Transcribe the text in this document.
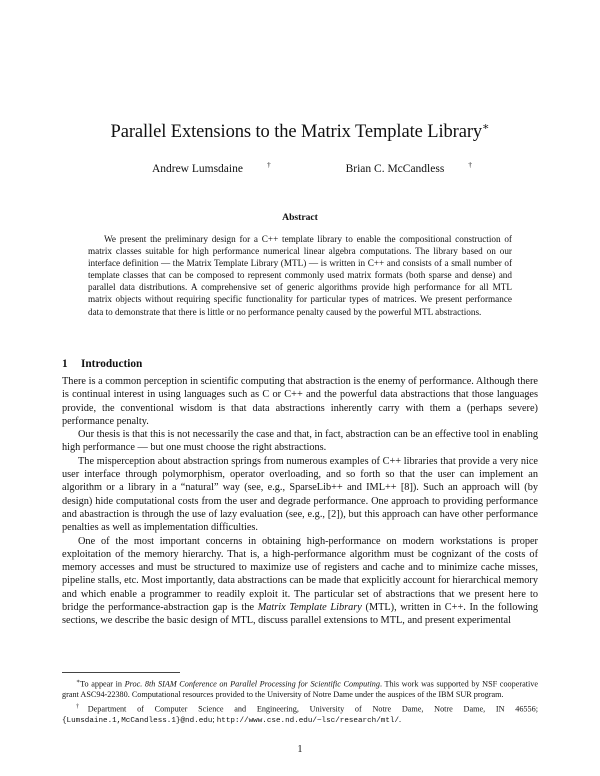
Parallel Extensions to the Matrix Template Library∗
Andrew Lumsdaine	†	Brian C. McCandless	†
Abstract

We present the preliminary design for a C++ template library to enable the compositional construction of matrix classes suitable for high performance numerical linear algebra computations. The library based on our interface definition — the Matrix Template Library (MTL) — is written in C++ and consists of a small number of template classes that can be composed to represent commonly used matrix formats (both sparse and dense) and parallel data distributions. A comprehensive set of generic algorithms provide high performance for all MTL matrix objects without requiring specific functionality for particular types of matrices. We present performance data to demonstrate that there is little or no performance penalty caused by the powerful MTL abstractions.

1 Introduction

There is a common perception in scientific computing that abstraction is the enemy of performance. Although there is continual interest in using languages such as C or C++ and the powerful data abstractions that those languages provide, the conventional wisdom is that data abstractions inherently carry with them a (perhaps severe) performance penalty.

Our thesis is that this is not necessarily the case and that, in fact, abstraction can be an effective tool in enabling high performance — but one must choose the right abstractions.

The misperception about abstraction springs from numerous examples of C++ libraries that provide a very nice user interface through polymorphism, operator overloading, and so forth so that the user can implement an algorithm or a library in a “natural” way (see, e.g., SparseLib++ and IML++ [8]). Such an approach will (by design) hide computational costs from the user and degrade performance. One approach to providing performance and abastraction is through the use of lazy evaluation (see, e.g., [2]), but this approach can have other performance penalties as well as implementation difficulties.

One of the most important concerns in obtaining high-performance on modern workstations is proper exploitation of the memory hierarchy. That is, a high-performance algorithm must be cognizant of the costs of memory accesses and must be structured to maximize use of registers and cache and to minimize cache misses, pipeline stalls, etc. Most importantly, data abstractions can be made that explicitly account for hierarchical memory and which enable a programmer to readily exploit it. The particular set of abstractions that we present here to bridge the performance-abstraction gap is the Matrix Template Library (MTL), written in C++. In the following sections, we describe the basic design of MTL, discuss parallel extensions to MTL, and present experimental

∗To appear in Proc. 8th SIAM Conference on Parallel Processing for Scientific Computing. This work was supported by NSF cooperative grant ASC94-22380. Computational resources provided to the University of Notre Dame under the auspices of the IBM SUR program.

†Department of Computer Science and Engineering, University of Notre Dame, Notre Dame, IN 46556; {Lumsdaine.1,McCandless.1}@nd.edu; http://www.cse.nd.edu/~lsc/research/mtl/.

1
